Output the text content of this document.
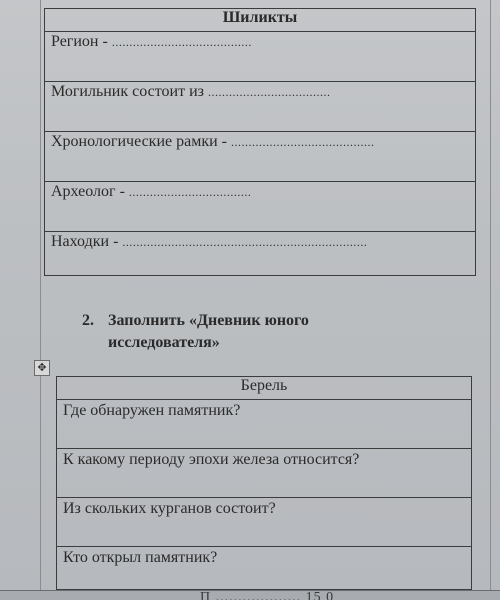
Шиликты
Регион - ........................................
Могильник состоит из ...................................
Хронологические рамки - .........................................
Археолог - ...................................
Находки - ......................................................................
2. Заполнить «Дневник юного
исследователя»
✥
Берель
Где обнаружен памятник?
К какому периоду эпохи железа относится?
Из скольких курганов состоит?
Кто открыл памятник?
П ................... 15 0
